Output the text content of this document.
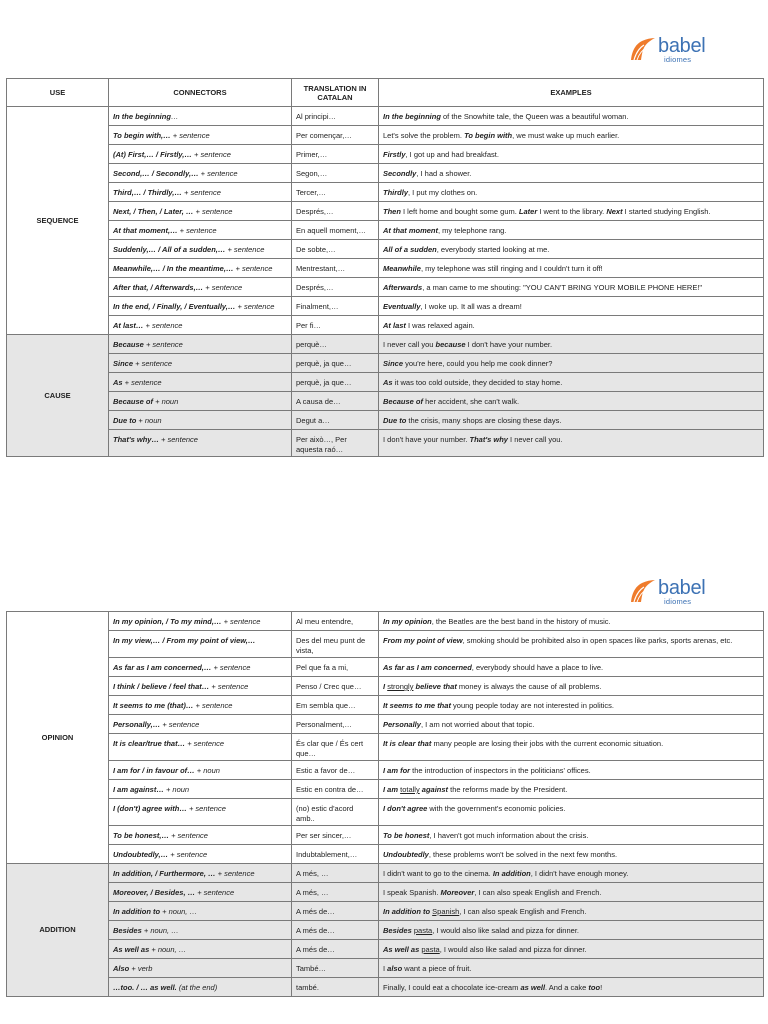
babel
idiomes
USE	CONNECTORS	TRANSLATION IN CATALAN	EXAMPLES
SEQUENCE	In the beginning…	Al principi…	In the beginning of the Snowhite tale, the Queen was a beautiful woman.
	To begin with,… + sentence	Per començar,…	Let's solve the problem. To begin with, we must wake up much earlier.
	(At) First,… / Firstly,… + sentence	Primer,…	Firstly, I got up and had breakfast.
	Second,… / Secondly,… + sentence	Segon,…	Secondly, I had a shower.
	Third,… / Thirdly,… + sentence	Tercer,…	Thirdly, I put my clothes on.
	Next, / Then, / Later, … + sentence	Després,…	Then I left home and bought some gum. Later I went to the library. Next I started studying English.
	At that moment,… + sentence	En aquell moment,…	At that moment, my telephone rang.
	Suddenly,… / All of a sudden,… + sentence	De sobte,…	All of a sudden, everybody started looking at me.
	Meanwhile,… / In the meantime,… + sentence	Mentrestant,…	Meanwhile, my telephone was still ringing and I couldn't turn it off!
	After that, / Afterwards,… + sentence	Després,…	Afterwards, a man came to me shouting: "YOU CAN'T BRING YOUR MOBILE PHONE HERE!"
	In the end, / Finally, / Eventually,… + sentence	Finalment,…	Eventually, I woke up. It all was a dream!
	At last… + sentence	Per fi…	At last I was relaxed again.
CAUSE	Because + sentence	perquè…	I never call you because I don't have your number.
	Since + sentence	perquè, ja que…	Since you're here, could you help me cook dinner?
	As + sentence	perquè, ja que…	As it was too cold outside, they decided to stay home.
	Because of + noun	A causa de…	Because of her accident, she can't walk.
	Due to + noun	Degut a…	Due to the crisis, many shops are closing these days.
	That's why… + sentence	Per això…, Per aquesta raó…	I don't have your number. That's why I never call you.
babel
idiomes
OPINION	In my opinion, / To my mind,… + sentence	Al meu entendre,	In my opinion, the Beatles are the best band in the history of music.
	In my view,… / From my point of view,…	Des del meu punt de vista,	From my point of view, smoking should be prohibited also in open spaces like parks, sports arenas, etc.
	As far as I am concerned,… + sentence	Pel que fa a mi,	As far as I am concerned, everybody should have a place to live.
	I think / believe / feel that… + sentence	Penso / Crec que…	I strongly believe that money is always the cause of all problems.
	It seems to me (that)… + sentence	Em sembla que…	It seems to me that young people today are not interested in politics.
	Personally,… + sentence	Personalment,…	Personally, I am not worried about that topic.
	It is clear/true that… + sentence	És clar que / És cert que…	It is clear that many people are losing their jobs with the current economic situation.
	I am for / in favour of… + noun	Estic a favor de…	I am for the introduction of inspectors in the politicians' offices.
	I am against… + noun	Estic en contra de…	I am totally against the reforms made by the President.
	I (don't) agree with… + sentence	(no) estic d'acord amb..	I don't agree with the government's economic policies.
	To be honest,… + sentence	Per ser sincer,…	To be honest, I haven't got much information about the crisis.
	Undoubtedly,… + sentence	Indubtablement,…	Undoubtedly, these problems won't be solved in the next few months.
ADDITION	In addition, / Furthermore, … + sentence	A més, …	I didn't want to go to the cinema. In addition, I didn't have enough money.
	Moreover, / Besides, … + sentence	A més, …	I speak Spanish. Moreover, I can also speak English and French.
	In addition to + noun, …	A més de…	In addition to Spanish, I can also speak English and French.
	Besides + noun, …	A més de…	Besides pasta, I would also like salad and pizza for dinner.
	As well as + noun, …	A més de…	As well as pasta, I would also like salad and pizza for dinner.
	Also + verb	També…	I also want a piece of fruit.
	…too. / … as well. (at the end)	també.	Finally, I could eat a chocolate ice-cream as well. And a cake too!
